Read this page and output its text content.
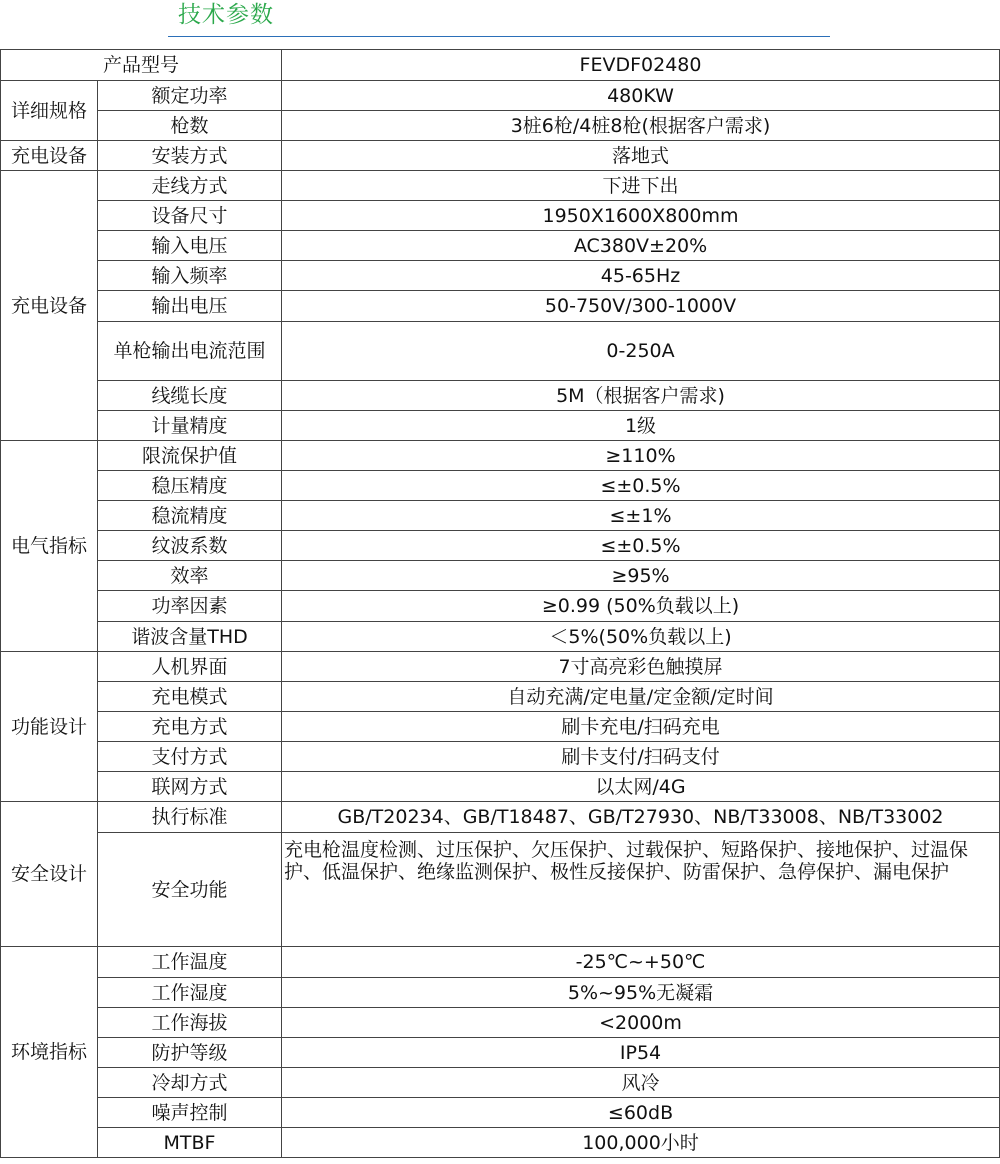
技术参数
产品型号		FEVDF02480
详细规格	额定功率	480KW
	枪数	3桩6枪/4桩8枪(根据客户需求)
充电设备	安装方式	落地式
充电设备	走线方式	下进下出
	设备尺寸	1950X1600X800mm
	输入电压	AC380V±20%
	输入频率	45-65Hz
	输出电压	50-750V/300-1000V
	单枪输出电流范围	0-250A
	线缆长度	5M（根据客户需求)
	计量精度	1级
电气指标	限流保护值	≥110%
	稳压精度	≤±0.5%
	稳流精度	≤±1%
	纹波系数	≤±0.5%
	效率	≥95%
	功率因素	≥0.99 (50%负载以上)
	谐波含量THD	＜5%(50%负载以上)
功能设计	人机界面	7寸高亮彩色触摸屏
	充电模式	自动充满/定电量/定金额/定时间
	充电方式	刷卡充电/扫码充电
	支付方式	刷卡支付/扫码支付
	联网方式	以太网/4G
安全设计	执行标准	GB/T20234、GB/T18487、GB/T27930、NB/T33008、NB/T33002
	安全功能	充电枪温度检测、过压保护、欠压保护、过载保护、短路保护、接地保护、过温保护、低温保护、绝缘监测保护、极性反接保护、防雷保护、急停保护、漏电保护
环境指标	工作温度	-25℃~+50℃
	工作湿度	5%~95%无凝霜
	工作海拔	<2000m
	防护等级	IP54
	冷却方式	风冷
	噪声控制	≤60dB
	MTBF	100,000小时
